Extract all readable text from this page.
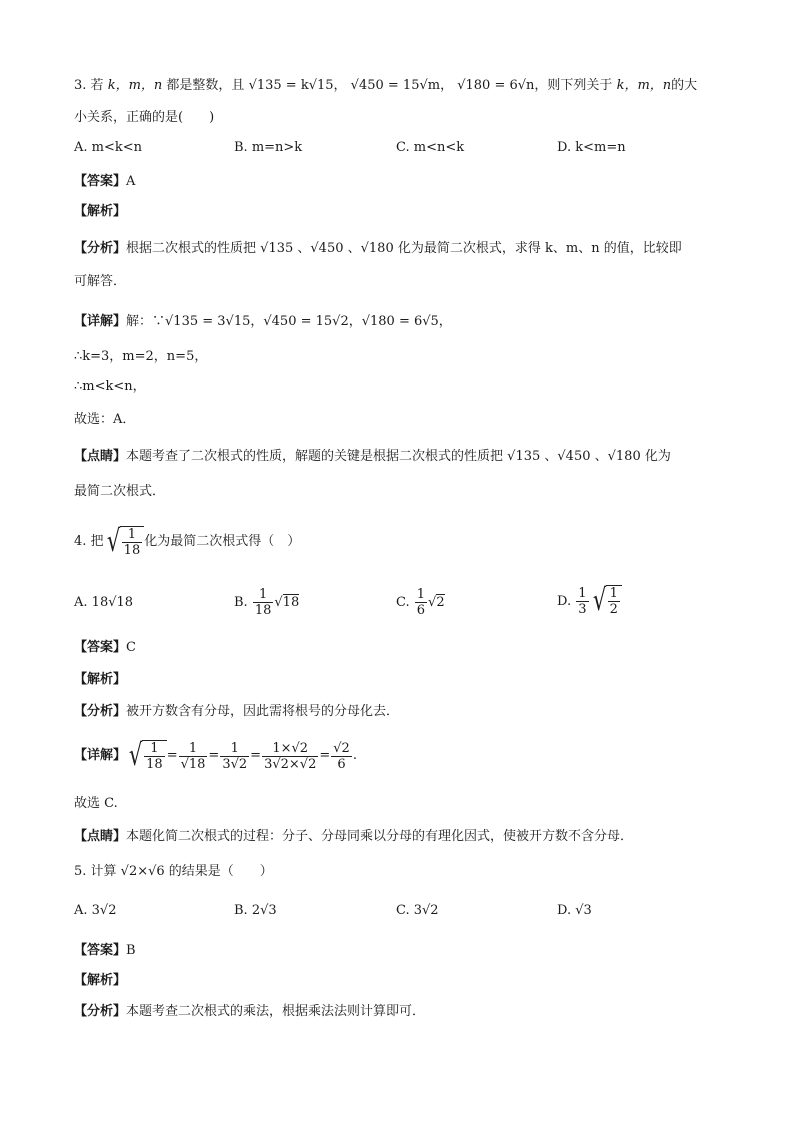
3. 若 k，m，n 都是整数，且 √135 = k√15， √450 = 15√m， √180 = 6√n，则下列关于 k，m，n的大
小关系，正确的是(　　)
A. m<k<n	B. m=n>k	C. m<n<k	D. k<m=n
【答案】A
【解析】
【分析】根据二次根式的性质把 √135 、√450 、√180 化为最简二次根式，求得 k、m、n 的值，比较即
可解答．
【详解】解：∵√135 = 3√15，√450 = 15√2，√180 = 6√5，
∴k=3，m=2，n=5，
∴m<k<n，
故选：A．
【点睛】本题考查了二次根式的性质，解题的关键是根据二次根式的性质把 √135 、√450 、√180 化为
最简二次根式．
4. 把 √ $\frac{1}{18}$ 化为最简二次根式得（　）
A.
18√18	B.
$\frac{1}{18}$ √ 18	C.
$\frac{1}{6}$ √ 2	D.
$\frac{1}{3}$ √ $\frac{1}{2}$
【答案】C
【解析】
【分析】被开方数含有分母，因此需将根号的分母化去．
【详解】 √ $\frac{1}{18} = \frac{1}{√18} = \frac{1}{3√2} = \frac{1\times√2}{3√2\times√2} = \frac{√2}{6}$ .
故选 C.
【点睛】本题化简二次根式的过程：分子、分母同乘以分母的有理化因式，使被开方数不含分母．
5. 计算 √2×√6 的结果是（　　）
A. 3√2	B. 2√3	C. 3√2	D. √3
【答案】B
【解析】
【分析】本题考查二次根式的乘法，根据乘法法则计算即可．
